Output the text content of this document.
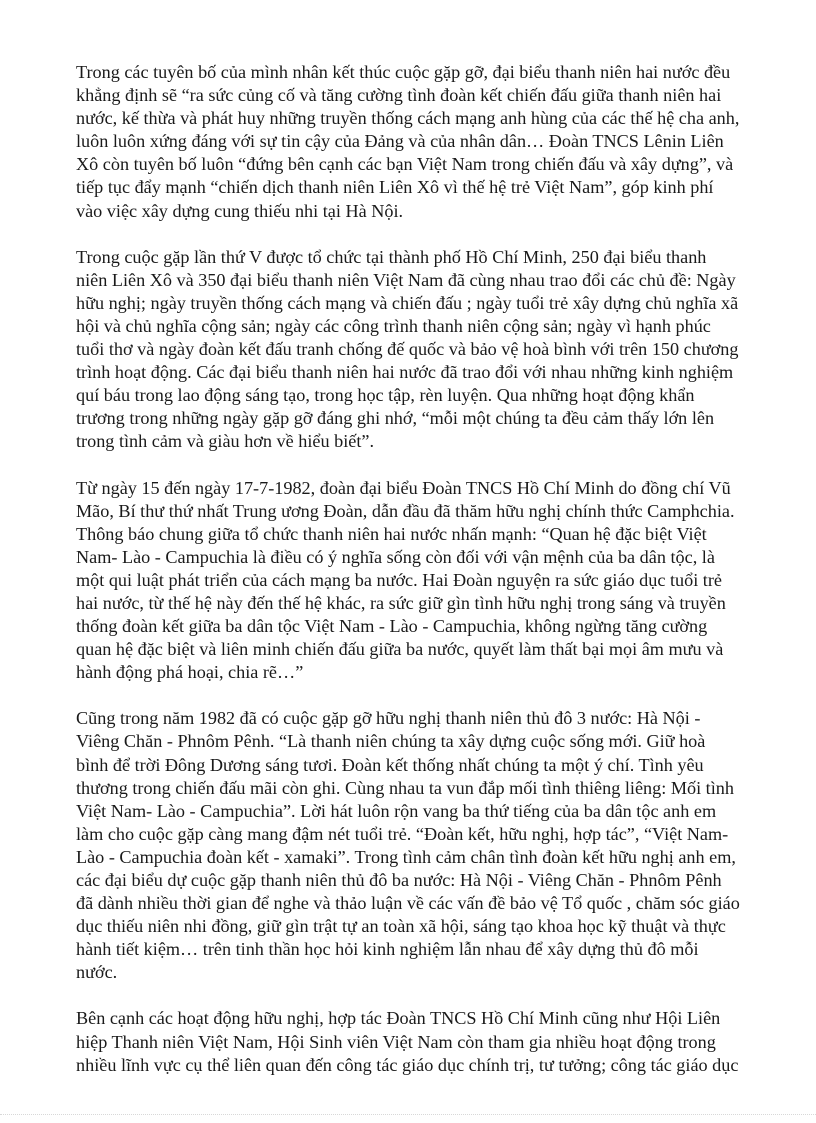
Trong các tuyên bố của mình nhân kết thúc cuộc gặp gỡ, đại biểu thanh niên hai nước đều
khẳng định sẽ “ra sức củng cố và tăng cường tình đoàn kết chiến đấu giữa thanh niên hai
nước, kế thừa và phát huy những truyền thống cách mạng anh hùng của các thế hệ cha anh,
luôn luôn xứng đáng với sự tin cậy của Đảng và của nhân dân… Đoàn TNCS Lênin Liên
Xô còn tuyên bố luôn “đứng bên cạnh các bạn Việt Nam trong chiến đấu và xây dựng”, và
tiếp tục đẩy mạnh “chiến dịch thanh niên Liên Xô vì thế hệ trẻ Việt Nam”, góp kinh phí
vào việc xây dựng cung thiếu nhi tại Hà Nội.

Trong cuộc gặp lần thứ V được tổ chức tại thành phố Hồ Chí Minh, 250 đại biểu thanh
niên Liên Xô và 350 đại biểu thanh niên Việt Nam đã cùng nhau trao đổi các chủ đề: Ngày
hữu nghị; ngày truyền thống cách mạng và chiến đấu ; ngày tuổi trẻ xây dựng chủ nghĩa xã
hội và chủ nghĩa cộng sản; ngày các công trình thanh niên cộng sản; ngày vì hạnh phúc
tuổi thơ và ngày đoàn kết đấu tranh chống đế quốc và bảo vệ hoà bình với trên 150 chương
trình hoạt động. Các đại biểu thanh niên hai nước đã trao đổi với nhau những kinh nghiệm
quí báu trong lao động sáng tạo, trong học tập, rèn luyện. Qua những hoạt động khẩn
trương trong những ngày gặp gỡ đáng ghi nhớ, “mỗi một chúng ta đều cảm thấy lớn lên
trong tình cảm và giàu hơn về hiểu biết”.

Từ ngày 15 đến ngày 17-7-1982, đoàn đại biểu Đoàn TNCS Hồ Chí Minh do đồng chí Vũ
Mão, Bí thư thứ nhất Trung ương Đoàn, dẫn đầu đã thăm hữu nghị chính thức Camphchia.
Thông báo chung giữa tổ chức thanh niên hai nước nhấn mạnh: “Quan hệ đặc biệt Việt
Nam- Lào - Campuchia là điều có ý nghĩa sống còn đối với vận mệnh của ba dân tộc, là
một qui luật phát triển của cách mạng ba nước. Hai Đoàn nguyện ra sức giáo dục tuổi trẻ
hai nước, từ thế hệ này đến thế hệ khác, ra sức giữ gìn tình hữu nghị trong sáng và truyền
thống đoàn kết giữa ba dân tộc Việt Nam - Lào - Campuchia, không ngừng tăng cường
quan hệ đặc biệt và liên minh chiến đấu giữa ba nước, quyết làm thất bại mọi âm mưu và
hành động phá hoại, chia rẽ…”

Cũng trong năm 1982 đã có cuộc gặp gỡ hữu nghị thanh niên thủ đô 3 nước: Hà Nội -
Viêng Chăn - Phnôm Pênh. “Là thanh niên chúng ta xây dựng cuộc sống mới. Giữ hoà
bình để trời Đông Dương sáng tươi. Đoàn kết thống nhất chúng ta một ý chí. Tình yêu
thương trong chiến đấu mãi còn ghi. Cùng nhau ta vun đắp mối tình thiêng liêng: Mối tình
Việt Nam- Lào - Campuchia”. Lời hát luôn rộn vang ba thứ tiếng của ba dân tộc anh em
làm cho cuộc gặp càng mang đậm nét tuổi trẻ. “Đoàn kết, hữu nghị, hợp tác”, “Việt Nam-
Lào - Campuchia đoàn kết - xamaki”. Trong tình cảm chân tình đoàn kết hữu nghị anh em,
các đại biểu dự cuộc gặp thanh niên thủ đô ba nước: Hà Nội - Viêng Chăn - Phnôm Pênh
đã dành nhiều thời gian để nghe và thảo luận về các vấn đề bảo vệ Tổ quốc , chăm sóc giáo
dục thiếu niên nhi đồng, giữ gìn trật tự an toàn xã hội, sáng tạo khoa học kỹ thuật và thực
hành tiết kiệm… trên tinh thần học hỏi kinh nghiệm lẫn nhau để xây dựng thủ đô mỗi
nước.

Bên cạnh các hoạt động hữu nghị, hợp tác Đoàn TNCS Hồ Chí Minh cũng như Hội Liên
hiệp Thanh niên Việt Nam, Hội Sinh viên Việt Nam còn tham gia nhiều hoạt động trong
nhiều lĩnh vực cụ thể liên quan đến công tác giáo dục chính trị, tư tưởng; công tác giáo dục
